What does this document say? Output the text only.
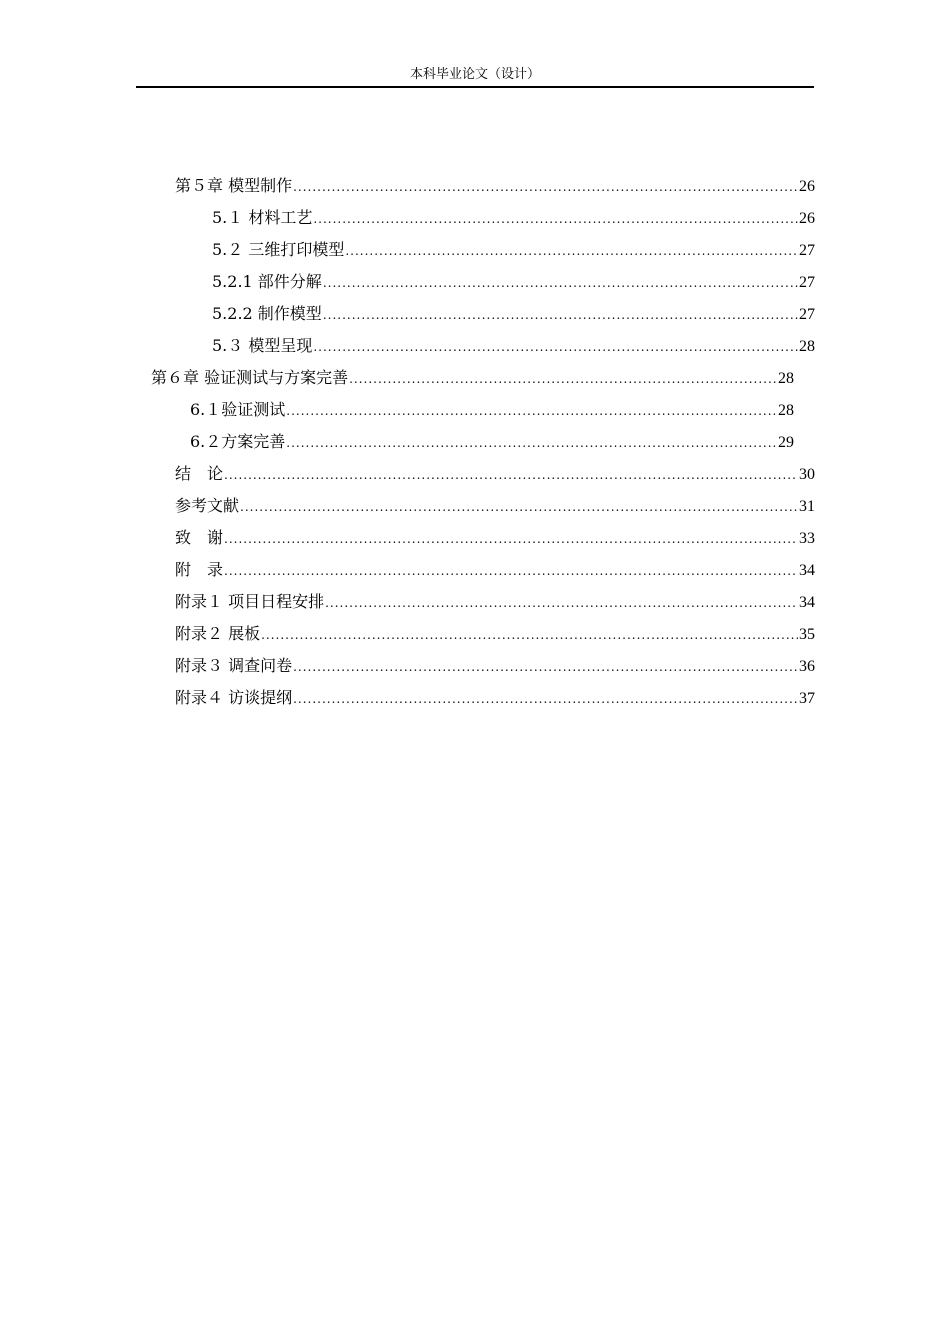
本科毕业论文（设计）
第５章 模型制作 .....	26
5.１ 材料工艺 .....	26
5.２ 三维打印模型 .....	27
5.2.1 部件分解 .....	27
5.2.2 制作模型 .....	27
5.３ 模型呈现 .....	28
第６章 验证测试与方案完善 .....	28
6.１验证测试 .....	28
6.２方案完善 .....	29
结　论 .....	30
参考文献 .....	31
致　谢 .....	33
附　录 .....	34
附录１ 项目日程安排 .....	34
附录２ 展板 .....	35
附录３ 调查问卷 .....	36
附录４ 访谈提纲 .....	37
